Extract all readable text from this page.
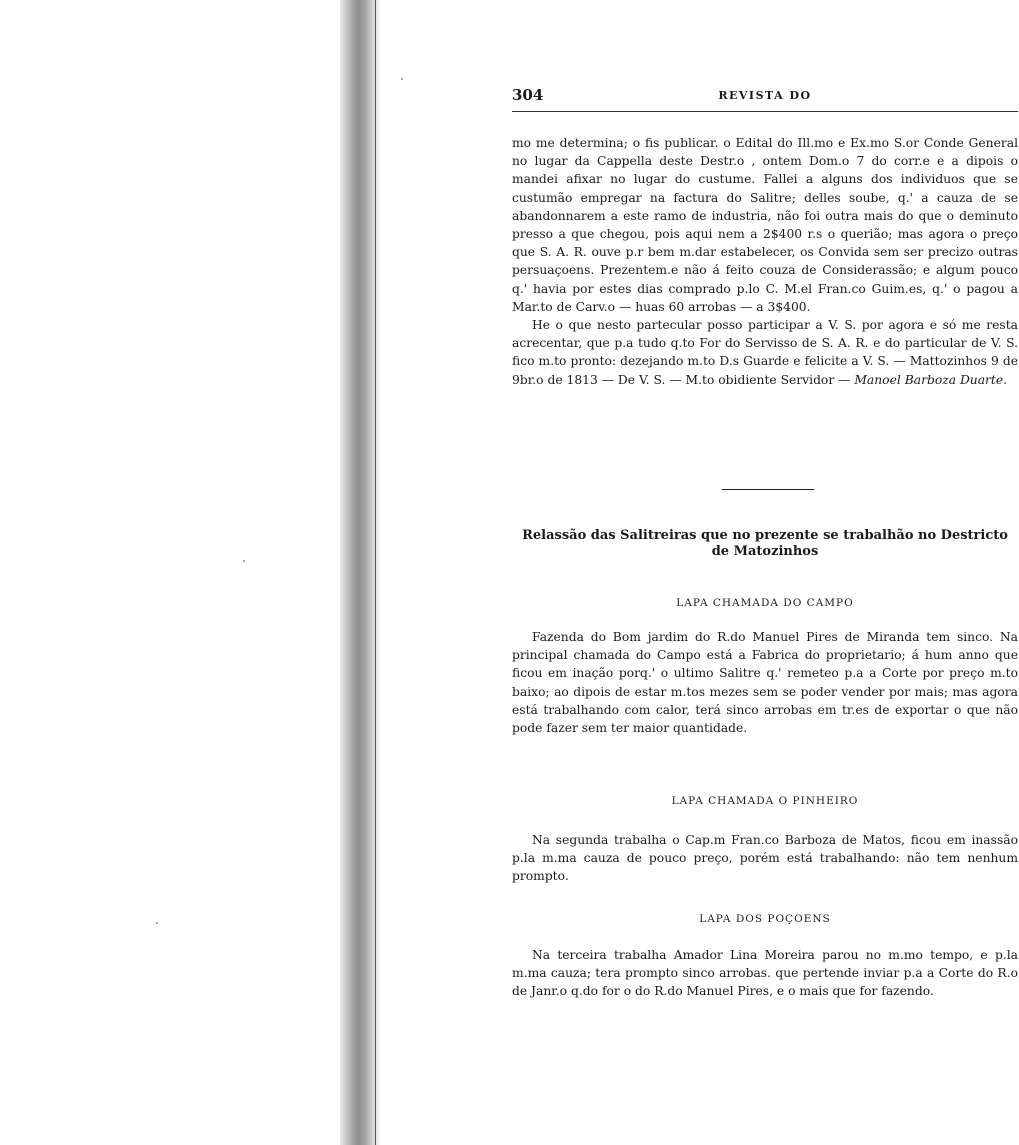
304	REVISTA DO

mo me determina; o fis publicar. o Edital do Ill.mo e Ex.mo S.or Conde General no lugar da Cappella deste Destr.o , ontem Dom.o 7 do corr.e e a dipois o mandei afixar no lugar do custume. Fallei a alguns dos individuos que se custumão empregar na factura do Salitre; delles soube, q.' a cauza de se abandonnarem a este ramo de industria, não foi outra mais do que o deminuto presso a que chegou, pois aqui nem a 2$400 r.s o querião; mas agora o preço que S. A. R. ouve p.r bem m.dar estabelecer, os Convida sem ser precizo outras persuaçoens. Prezentem.e não á feito couza de Considerassão; e algum pouco q.' havia por estes dias comprado p.lo C. M.el Fran.co Guim.es, q.' o pagou a Mar.to de Carv.o — huas 60 arrobas — a 3$400.

He o que nesto partecular posso participar a V. S. por agora e só me resta acrecentar, que p.a tudo q.to For do Servisso de S. A. R. e do particular de V. S. fico m.to pronto: dezejando m.to D.s Guarde e felicite a V. S. — Mattozinhos 9 de 9br.o de 1813 — De V. S. — M.to obidiente Servidor — Manoel Barboza Duarte.

Relassão das Salitreiras que no prezente se trabalhão no Destricto de Matozinhos
LAPA CHAMADA DO CAMPO
Fazenda do Bom jardim do R.do Manuel Pires de Miranda tem sinco. Na principal chamada do Campo está a Fabrica do proprietario; á hum anno que ficou em inação porq.' o ultimo Salitre q.' remeteo p.a a Corte por preço m.to baixo; ao dipois de estar m.tos mezes sem se poder vender por mais; mas agora está trabalhando com calor, terá sinco arrobas em tr.es de exportar o que não pode fazer sem ter maior quantidade.
LAPA CHAMADA O PINHEIRO
Na segunda trabalha o Cap.m Fran.co Barboza de Matos, ficou em inassão p.la m.ma cauza de pouco preço, porém está trabalhando: não tem nenhum prompto.
LAPA DOS POÇOENS
Na terceira trabalha Amador Lina Moreira parou no m.mo tempo, e p.la m.ma cauza; tera prompto sinco arrobas. que pertende inviar p.a a Corte do R.o de Janr.o q.do for o do R.do Manuel Pires, e o mais que for fazendo.
